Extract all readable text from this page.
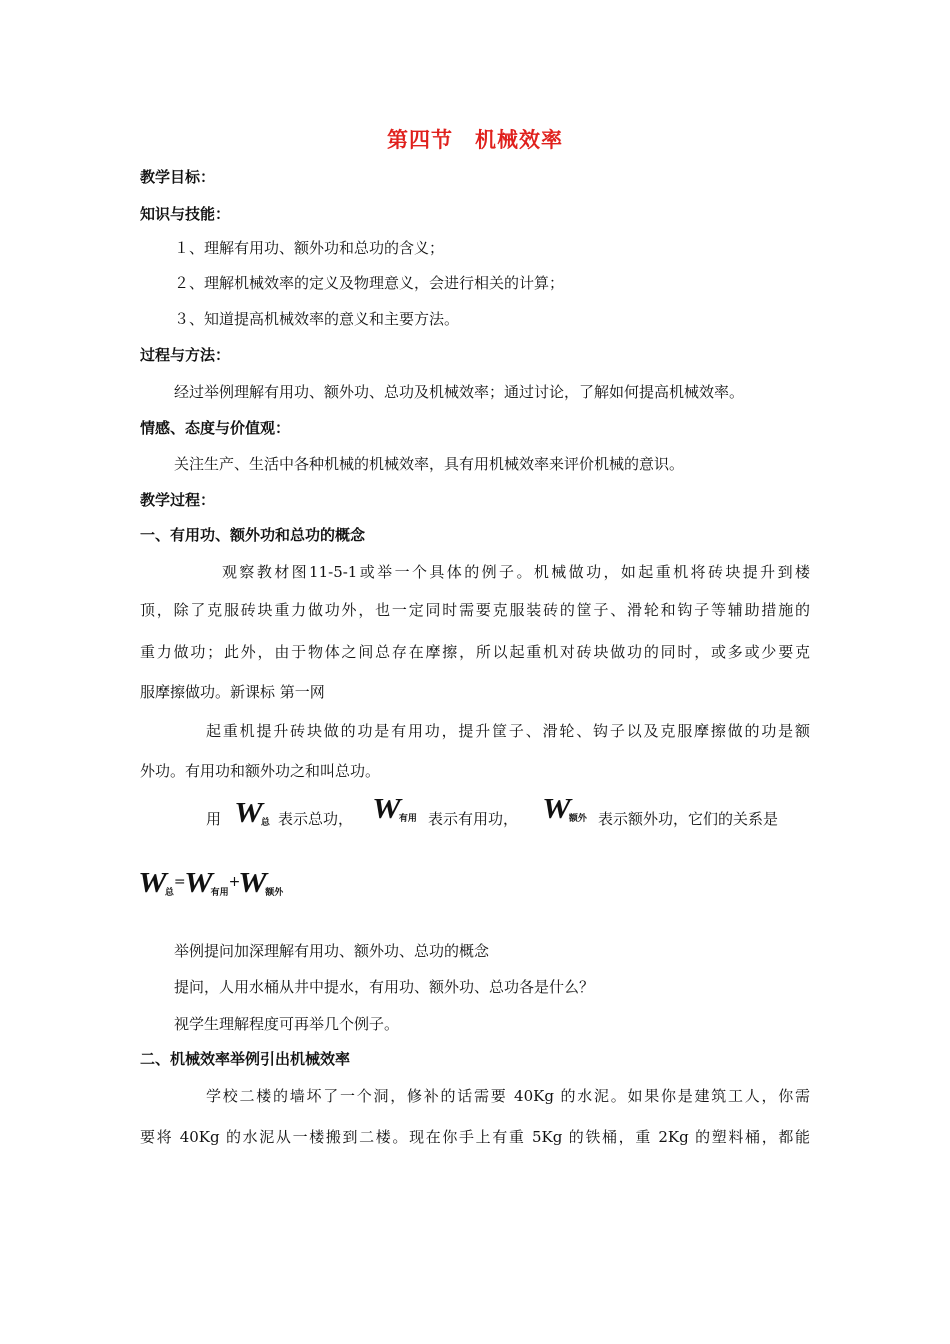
第四节　机械效率
教学目标：
知识与技能：
１、理解有用功、额外功和总功的含义；
２、理解机械效率的定义及物理意义，会进行相关的计算；
３、知道提高机械效率的意义和主要方法。
过程与方法：
经过举例理解有用功、额外功、总功及机械效率；通过讨论，了解如何提高机械效率。
情感、态度与价值观：
关注生产、生活中各种机械的机械效率，具有用机械效率来评价机械的意识。
教学过程：
一、有用功、额外功和总功的概念
观察教材图11-5-1或举一个具体的例子。机械做功，如起重机将砖块提升到楼
顶，除了克服砖块重力做功外，也一定同时需要克服装砖的筐子、滑轮和钩子等辅助措施的
重力做功；此外，由于物体之间总存在摩擦，所以起重机对砖块做功的同时，或多或少要克
服摩擦做功。新课标 第一网
起重机提升砖块做的功是有用功，提升筐子、滑轮、钩子以及克服摩擦做的功是额
外功。有用功和额外功之和叫总功。
用 $W_总$ 表示总功， $W_{有用}$ 表示有用功， $W_{额外}$ 表示额外功，它们的关系是
$W_总=W_{有用}+W_{额外}$
举例提问加深理解有用功、额外功、总功的概念
提问，人用水桶从井中提水，有用功、额外功、总功各是什么？
视学生理解程度可再举几个例子。
二、机械效率举例引出机械效率
学校二楼的墙坏了一个洞，修补的话需要 40Kg 的水泥。如果你是建筑工人，你需
要将 40Kg 的水泥从一楼搬到二楼。现在你手上有重 5Kg 的铁桶，重 2Kg 的塑料桶，都能
